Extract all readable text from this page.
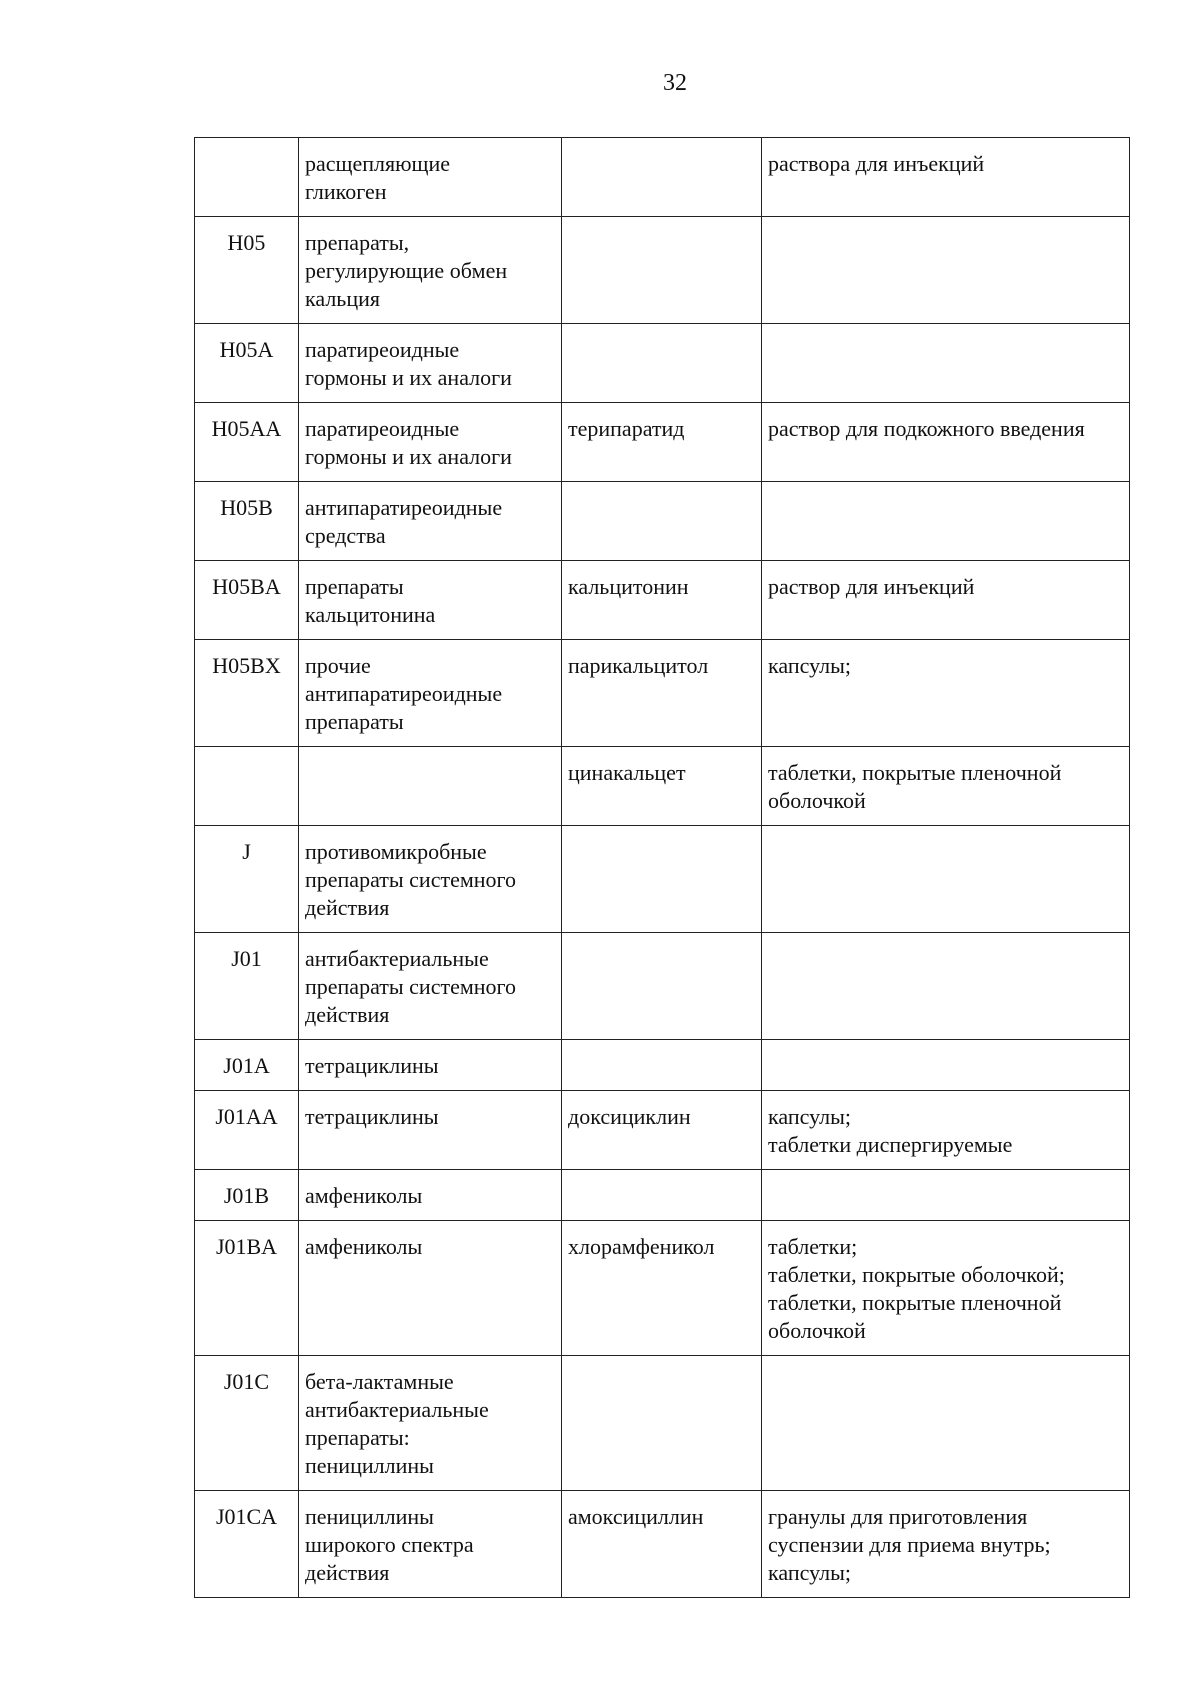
32
	расщепляющие
гликоген		раствора для инъекций
H05	препараты,
регулирующие обмен
кальция		
H05A	паратиреоидные
гормоны и их аналоги		
H05AA	паратиреоидные
гормоны и их аналоги	терипаратид	раствор для подкожного введения
H05B	антипаратиреоидные
средства		
H05BA	препараты
кальцитонина	кальцитонин	раствор для инъекций
H05BX	прочие
антипаратиреоидные
препараты	парикальцитол	капсулы;
		цинакальцет	таблетки, покрытые пленочной
оболочкой
J	противомикробные
препараты системного
действия		
J01	антибактериальные
препараты системного
действия		
J01A	тетрациклины		
J01AA	тетрациклины	доксициклин	капсулы;
таблетки диспергируемые
J01B	амфениколы		
J01BA	амфениколы	хлорамфеникол	таблетки;
таблетки, покрытые оболочкой;
таблетки, покрытые пленочной
оболочкой
J01C	бета-лактамные
антибактериальные
препараты:
пенициллины		
J01CA	пенициллины
широкого спектра
действия	амоксициллин	гранулы для приготовления
суспензии для приема внутрь;
капсулы;
